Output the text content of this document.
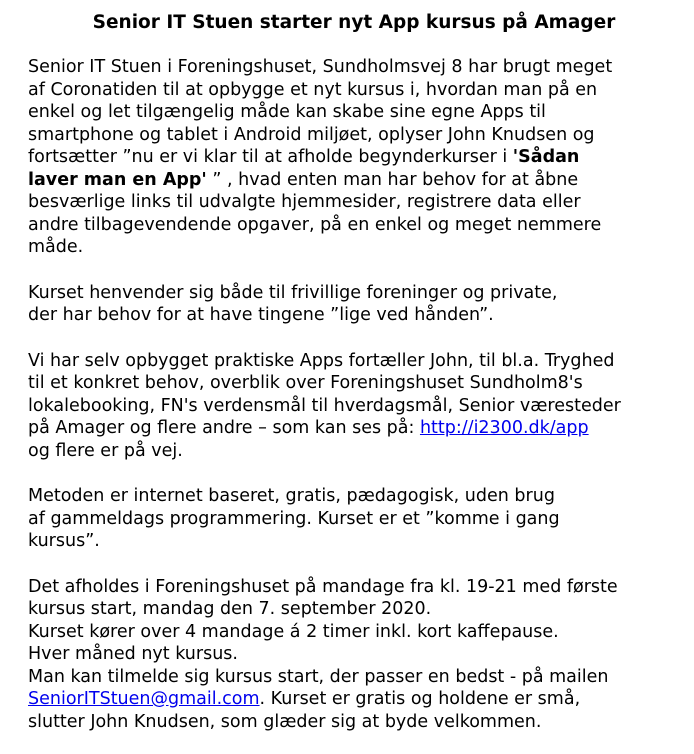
Senior IT Stuen starter nyt App kursus på Amager

Senior IT Stuen i Foreningshuset, Sundholmsvej 8 har brugt meget
af Coronatiden til at opbygge et nyt kursus i, hvordan man på en
enkel og let tilgængelig måde kan skabe sine egne Apps til
smartphone og tablet i Android miljøet, oplyser John Knudsen og
fortsætter ”nu er vi klar til at afholde begynderkurser i 'Sådan
laver man en App' ” , hvad enten man har behov for at åbne
besværlige links til udvalgte hjemmesider, registrere data eller
andre tilbagevendende opgaver, på en enkel og meget nemmere
måde.

Kurset henvender sig både til frivillige foreninger og private,
der har behov for at have tingene ”lige ved hånden”.

Vi har selv opbygget praktiske Apps fortæller John, til bl.a. Tryghed
til et konkret behov, overblik over Foreningshuset Sundholm8's
lokalebooking, FN's verdensmål til hverdagsmål, Senior væresteder
på Amager og flere andre – som kan ses på: http://i2300.dk/app
og flere er på vej.

Metoden er internet baseret, gratis, pædagogisk, uden brug
af gammeldags programmering. Kurset er et ”komme i gang
kursus”.

Det afholdes i Foreningshuset på mandage fra kl. 19-21 med første
kursus start, mandag den 7. september 2020.
Kurset kører over 4 mandage á 2 timer inkl. kort kaffepause.
Hver måned nyt kursus.
Man kan tilmelde sig kursus start, der passer en bedst - på mailen
SeniorITStuen@gmail.com. Kurset er gratis og holdene er små,
slutter John Knudsen, som glæder sig at byde velkommen.
